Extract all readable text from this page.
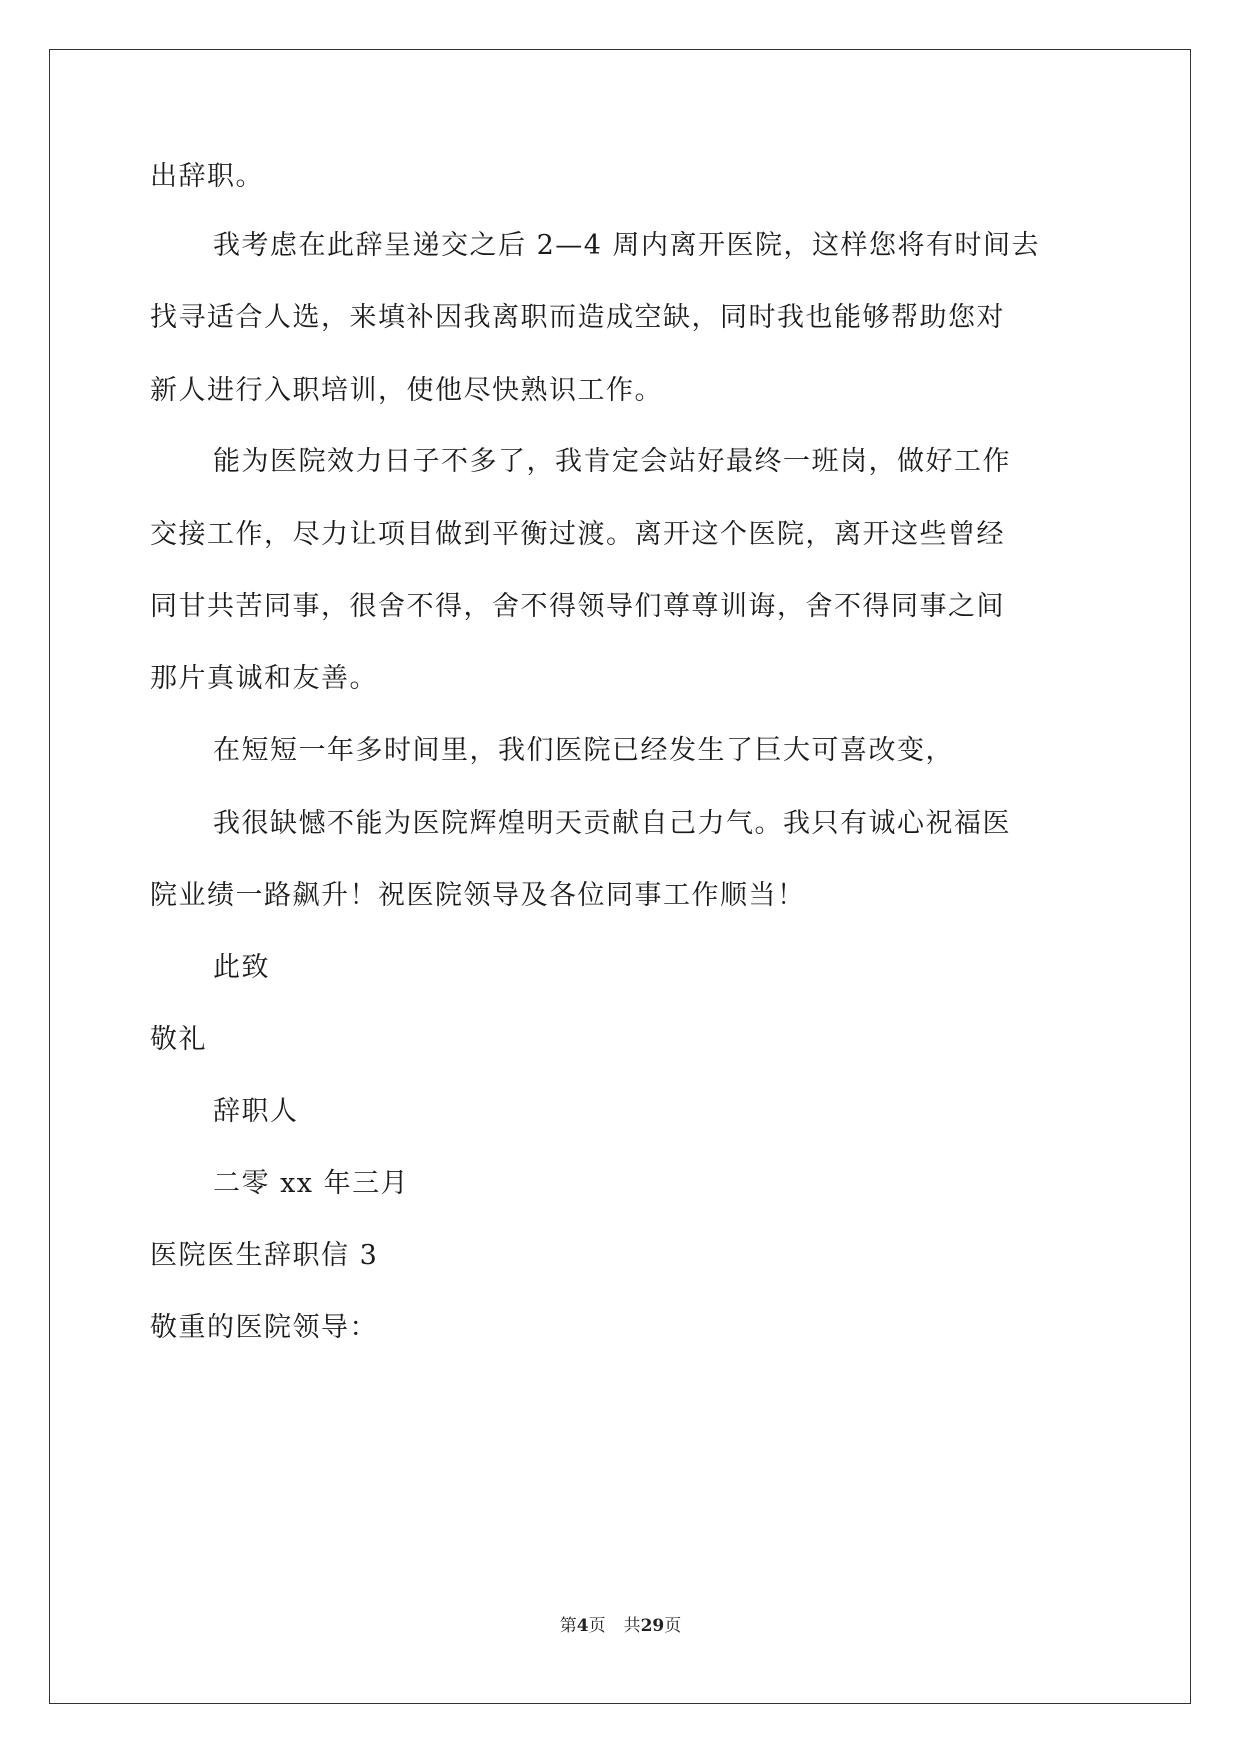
出辞职。
我考虑在此辞呈递交之后 2—4 周内离开医院，这样您将有时间去
找寻适合人选，来填补因我离职而造成空缺，同时我也能够帮助您对
新人进行入职培训，使他尽快熟识工作。
能为医院效力日子不多了，我肯定会站好最终一班岗，做好工作
交接工作，尽力让项目做到平衡过渡。离开这个医院，离开这些曾经
同甘共苦同事，很舍不得，舍不得领导们尊尊训诲，舍不得同事之间
那片真诚和友善。
在短短一年多时间里，我们医院已经发生了巨大可喜改变，
我很缺憾不能为医院辉煌明天贡献自己力气。我只有诚心祝福医
院业绩一路飙升！祝医院领导及各位同事工作顺当！
此致
敬礼
辞职人
二零 xx 年三月
医院医生辞职信 3
敬重的医院领导：
第4页 共29页
